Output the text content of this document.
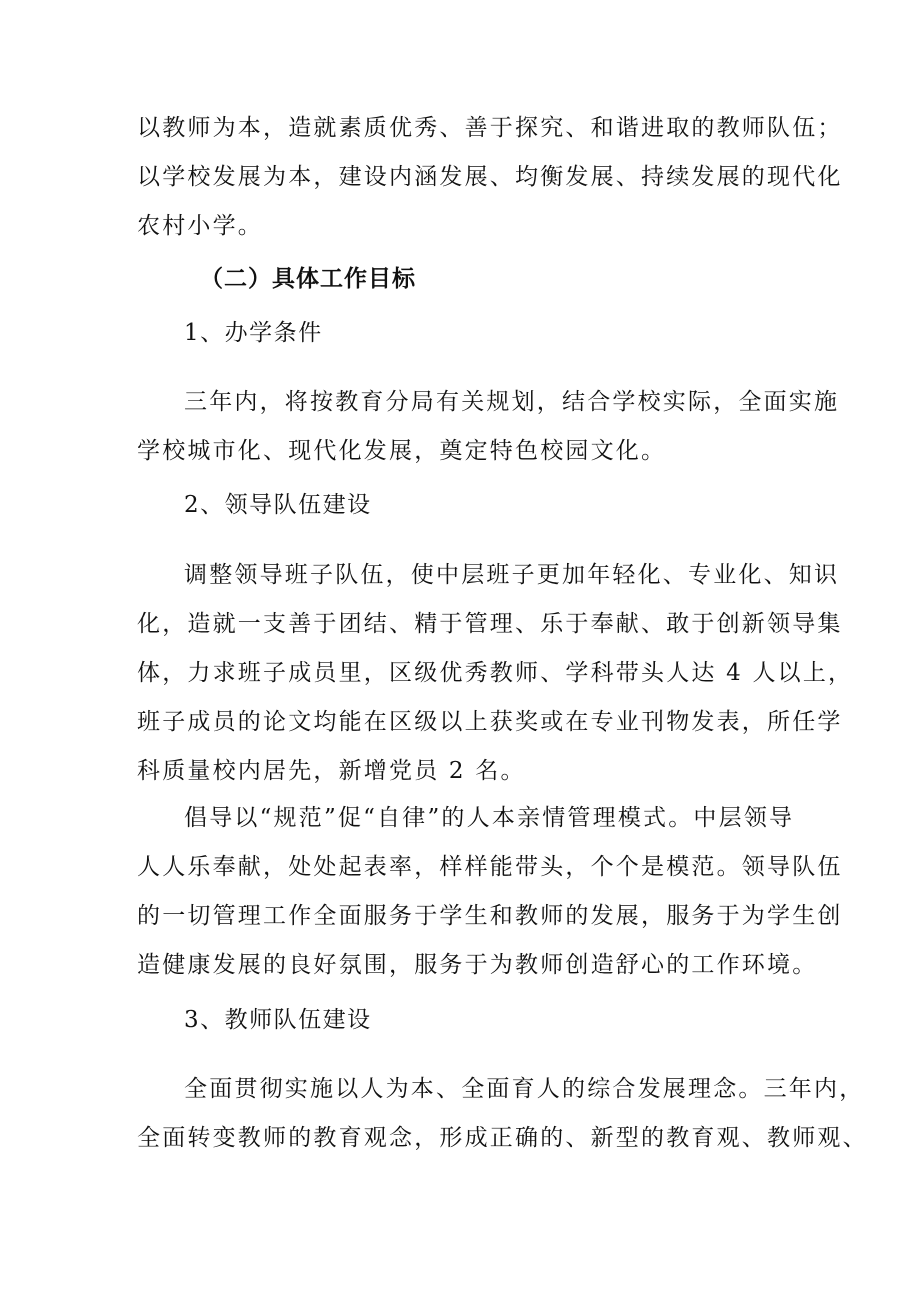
以教师为本，造就素质优秀、善于探究、和谐进取的教师队伍；
以学校发展为本，建设内涵发展、均衡发展、持续发展的现代化
农村小学。
（二）具体工作目标
1、办学条件
三年内，将按教育分局有关规划，结合学校实际，全面实施
学校城市化、现代化发展，奠定特色校园文化。
2、领导队伍建设
调整领导班子队伍，使中层班子更加年轻化、专业化、知识
化，造就一支善于团结、精于管理、乐于奉献、敢于创新领导集
体，力求班子成员里，区级优秀教师、学科带头人达 4 人以上，
班子成员的论文均能在区级以上获奖或在专业刊物发表，所任学
科质量校内居先，新增党员 2 名。
倡导以“规范”促“自律”的人本亲情管理模式。中层领导
人人乐奉献，处处起表率，样样能带头，个个是模范。领导队伍
的一切管理工作全面服务于学生和教师的发展，服务于为学生创
造健康发展的良好氛围，服务于为教师创造舒心的工作环境。
3、教师队伍建设
全面贯彻实施以人为本、全面育人的综合发展理念。三年内，
全面转变教师的教育观念，形成正确的、新型的教育观、教师观、
